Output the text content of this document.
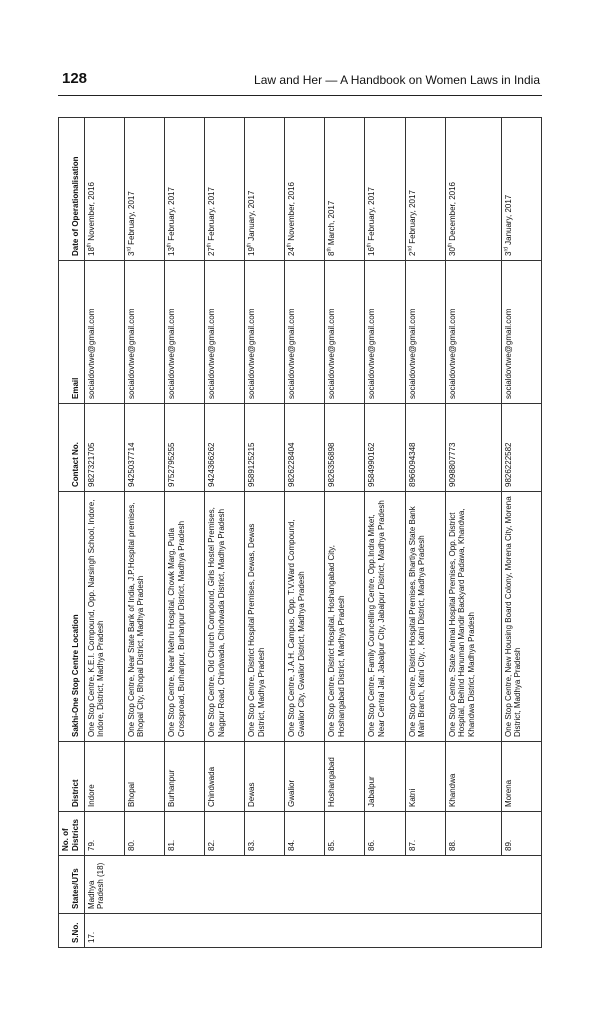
128	Law and Her — A Handbook on Women Laws in India
S.No.	States/UTs	No. of Districts	District	Sakhi-One Stop Centre Location	Contact No.	Email	Date of Operationalisation
17.	Madhya Pradesh (18)	79.	Indore	One Stop Centre, K.E.I. Compound, Opp. Narsingh School, Indore, Indore, District, Madhya Pradesh	9827321705	socialdovtwe@gmail.com	18th November, 2016
		80.	Bhopal	One Stop Centre, Near State Bank of India, J.P.Hospital premises, Bhopal City, Bhopal District, Madhya Pradesh	9425037714	socialdovtwe@gmail.com	3rd February, 2017
		81.	Burhanpur	One Stop Centre, Near Nehru Hospital, Chowk Marg, Putla Crossproad, Burhanpur, Burhanpur District, Madhya Pradesh	9752795255	socialdovtwe@gmail.com	13th February, 2017
		82.	Chindwada	One Stop Centre, Old Church Compound, Girls Hostel Premises, Nagpur Road, Chindwada, Chindwada District, Madhya Pradesh	9424366262	socialdovtwe@gmail.com	27th February, 2017
		83.	Dewas	One Stop Centre, District Hospital Premises, Dewas, Dewas District, Madhya Pradesh	9589125215	socialdovtwe@gmail.com	19th January, 2017
		84.	Gwalior	One Stop Centre, J.A.H. Campus, Opp. T.V.Ward Compound, Gwalior City, Gwalior District, Madhya Pradesh	9826228404	socialdovtwe@gmail.com	24th November, 2016
		85.	Hoshangabad	One Stop Centre, District Hospital, Hoshangabad City, Hoshangabad District, Madhya Pradesh	9826356898	socialdovtwe@gmail.com	8th March, 2017
		86.	Jabalpur	One Stop Centre, Family Councelling Centre, Opp.Indra Mrket, Near Central Jail, Jabalpur City, Jabalpur District, Madhya Pradesh	9584990162	socialdovtwe@gmail.com	16th February, 2017
		87.	Katni	One Stop Centre, District Hospital Premises, Bhartiya State Bank Main Branch, Katni City, , Katni District, Madhya Pradesh	8966094348	socialdovtwe@gmail.com	2nd February, 2017
		88.	Khandwa	One Stop Centre, State Animal Hospital Premises, Opp. District Hospital, Behind Hanuman Mandir Backyard Padawa, Khandwa, Khandwa District, Madhya Pradesh	9098807773	socialdovtwe@gmail.com	30th December, 2016
		89.	Morena	One Stop Centre, New Housing Board Colony, Morena City, Morena District, Madhya Pradesh	9826222582	socialdovtwe@gmail.com	3rd January, 2017
